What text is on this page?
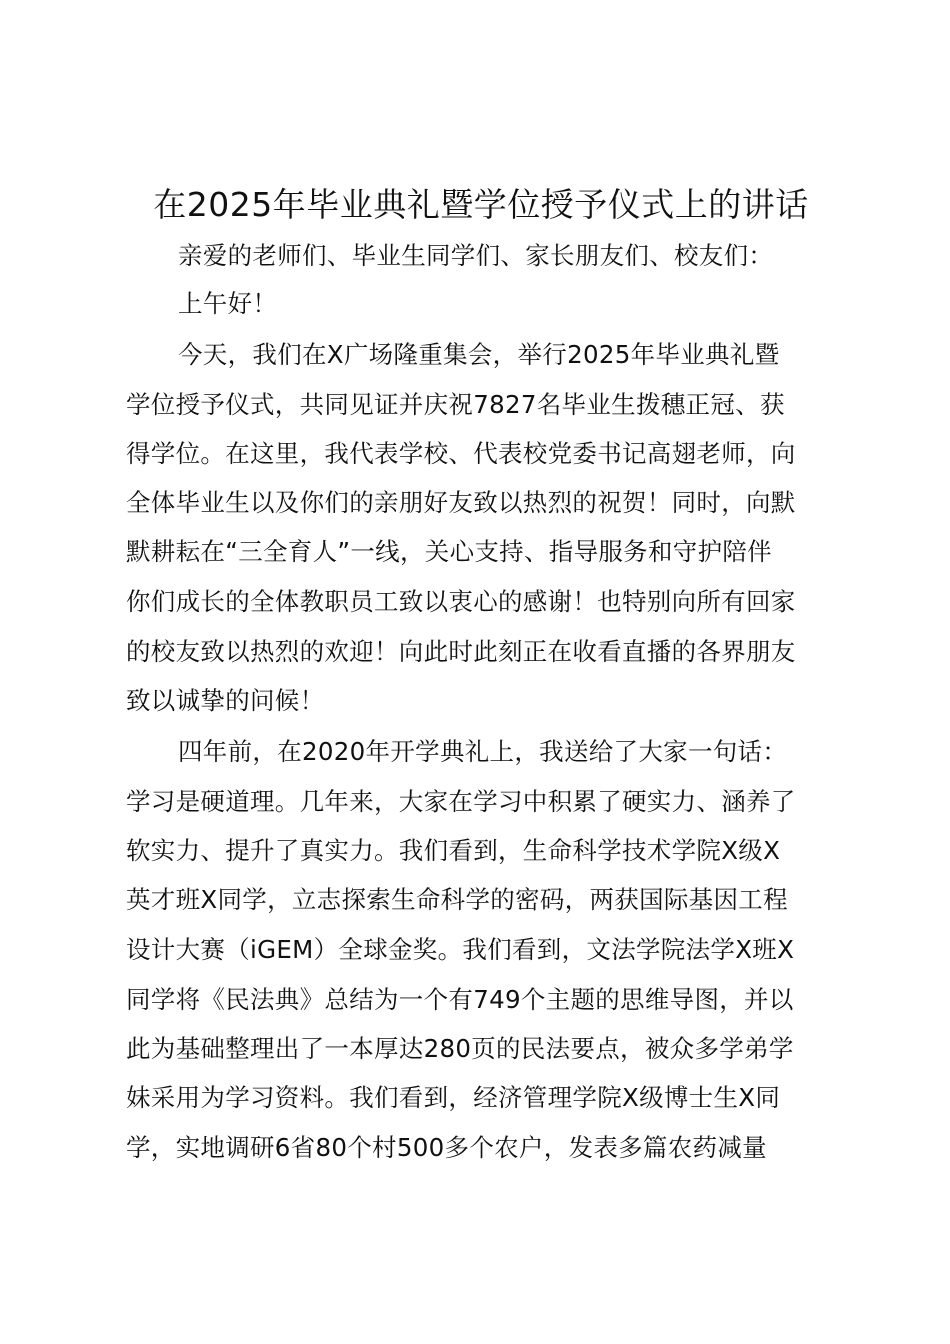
在2025年毕业典礼暨学位授予仪式上的讲话
亲爱的老师们、毕业生同学们、家长朋友们、校友们：
上午好！
今天，我们在X广场隆重集会，举行2025年毕业典礼暨
学位授予仪式，共同见证并庆祝7827名毕业生拨穗正冠、获
得学位。在这里，我代表学校、代表校党委书记高翅老师，向
全体毕业生以及你们的亲朋好友致以热烈的祝贺！同时，向默
默耕耘在“三全育人”一线，关心支持、指导服务和守护陪伴
你们成长的全体教职员工致以衷心的感谢！也特别向所有回家
的校友致以热烈的欢迎！向此时此刻正在收看直播的各界朋友
致以诚挚的问候！
四年前，在2020年开学典礼上，我送给了大家一句话：
学习是硬道理。几年来，大家在学习中积累了硬实力、涵养了
软实力、提升了真实力。我们看到，生命科学技术学院X级X
英才班X同学，立志探索生命科学的密码，两获国际基因工程
设计大赛（iGEM）全球金奖。我们看到，文法学院法学X班X
同学将《民法典》总结为一个有749个主题的思维导图，并以
此为基础整理出了一本厚达280页的民法要点，被众多学弟学
妹采用为学习资料。我们看到，经济管理学院X级博士生X同
学，实地调研6省80个村500多个农户，发表多篇农药减量
